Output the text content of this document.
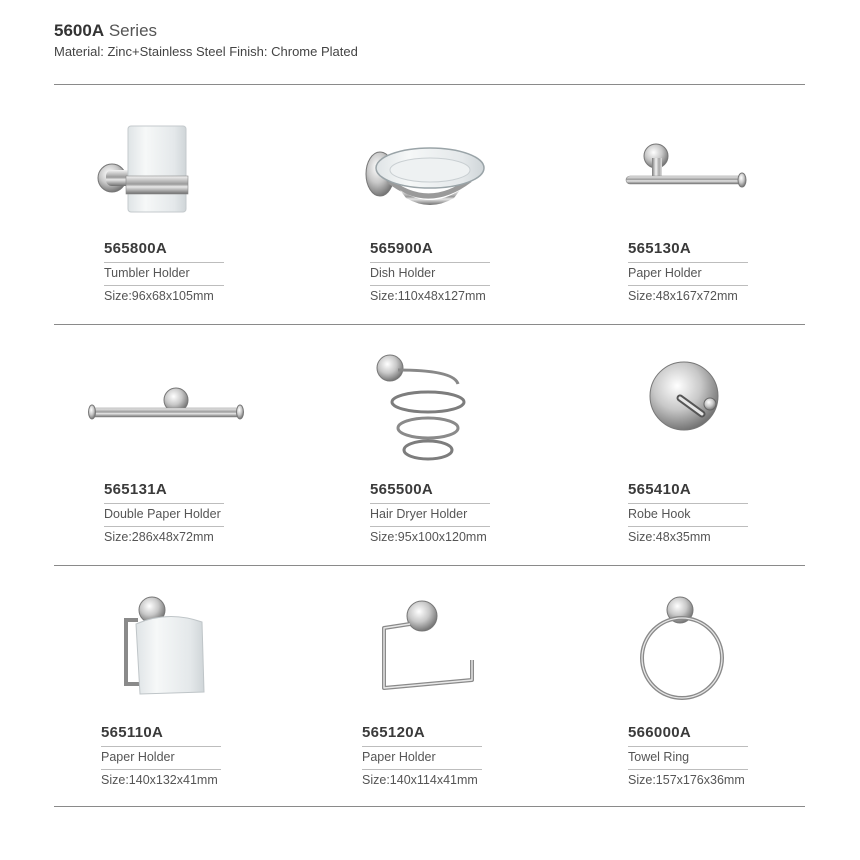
5600A Series
Material: Zinc+Stainless Steel Finish: Chrome Plated
565800A
Tumbler Holder
Size:96x68x105mm
565900A
Dish Holder
Size:110x48x127mm
565130A
Paper Holder
Size:48x167x72mm
565131A
Double Paper Holder
Size:286x48x72mm
565500A
Hair Dryer Holder
Size:95x100x120mm
565410A
Robe Hook
Size:48x35mm
565110A
Paper Holder
Size:140x132x41mm
565120A
Paper Holder
Size:140x114x41mm
566000A
Towel Ring
Size:157x176x36mm
